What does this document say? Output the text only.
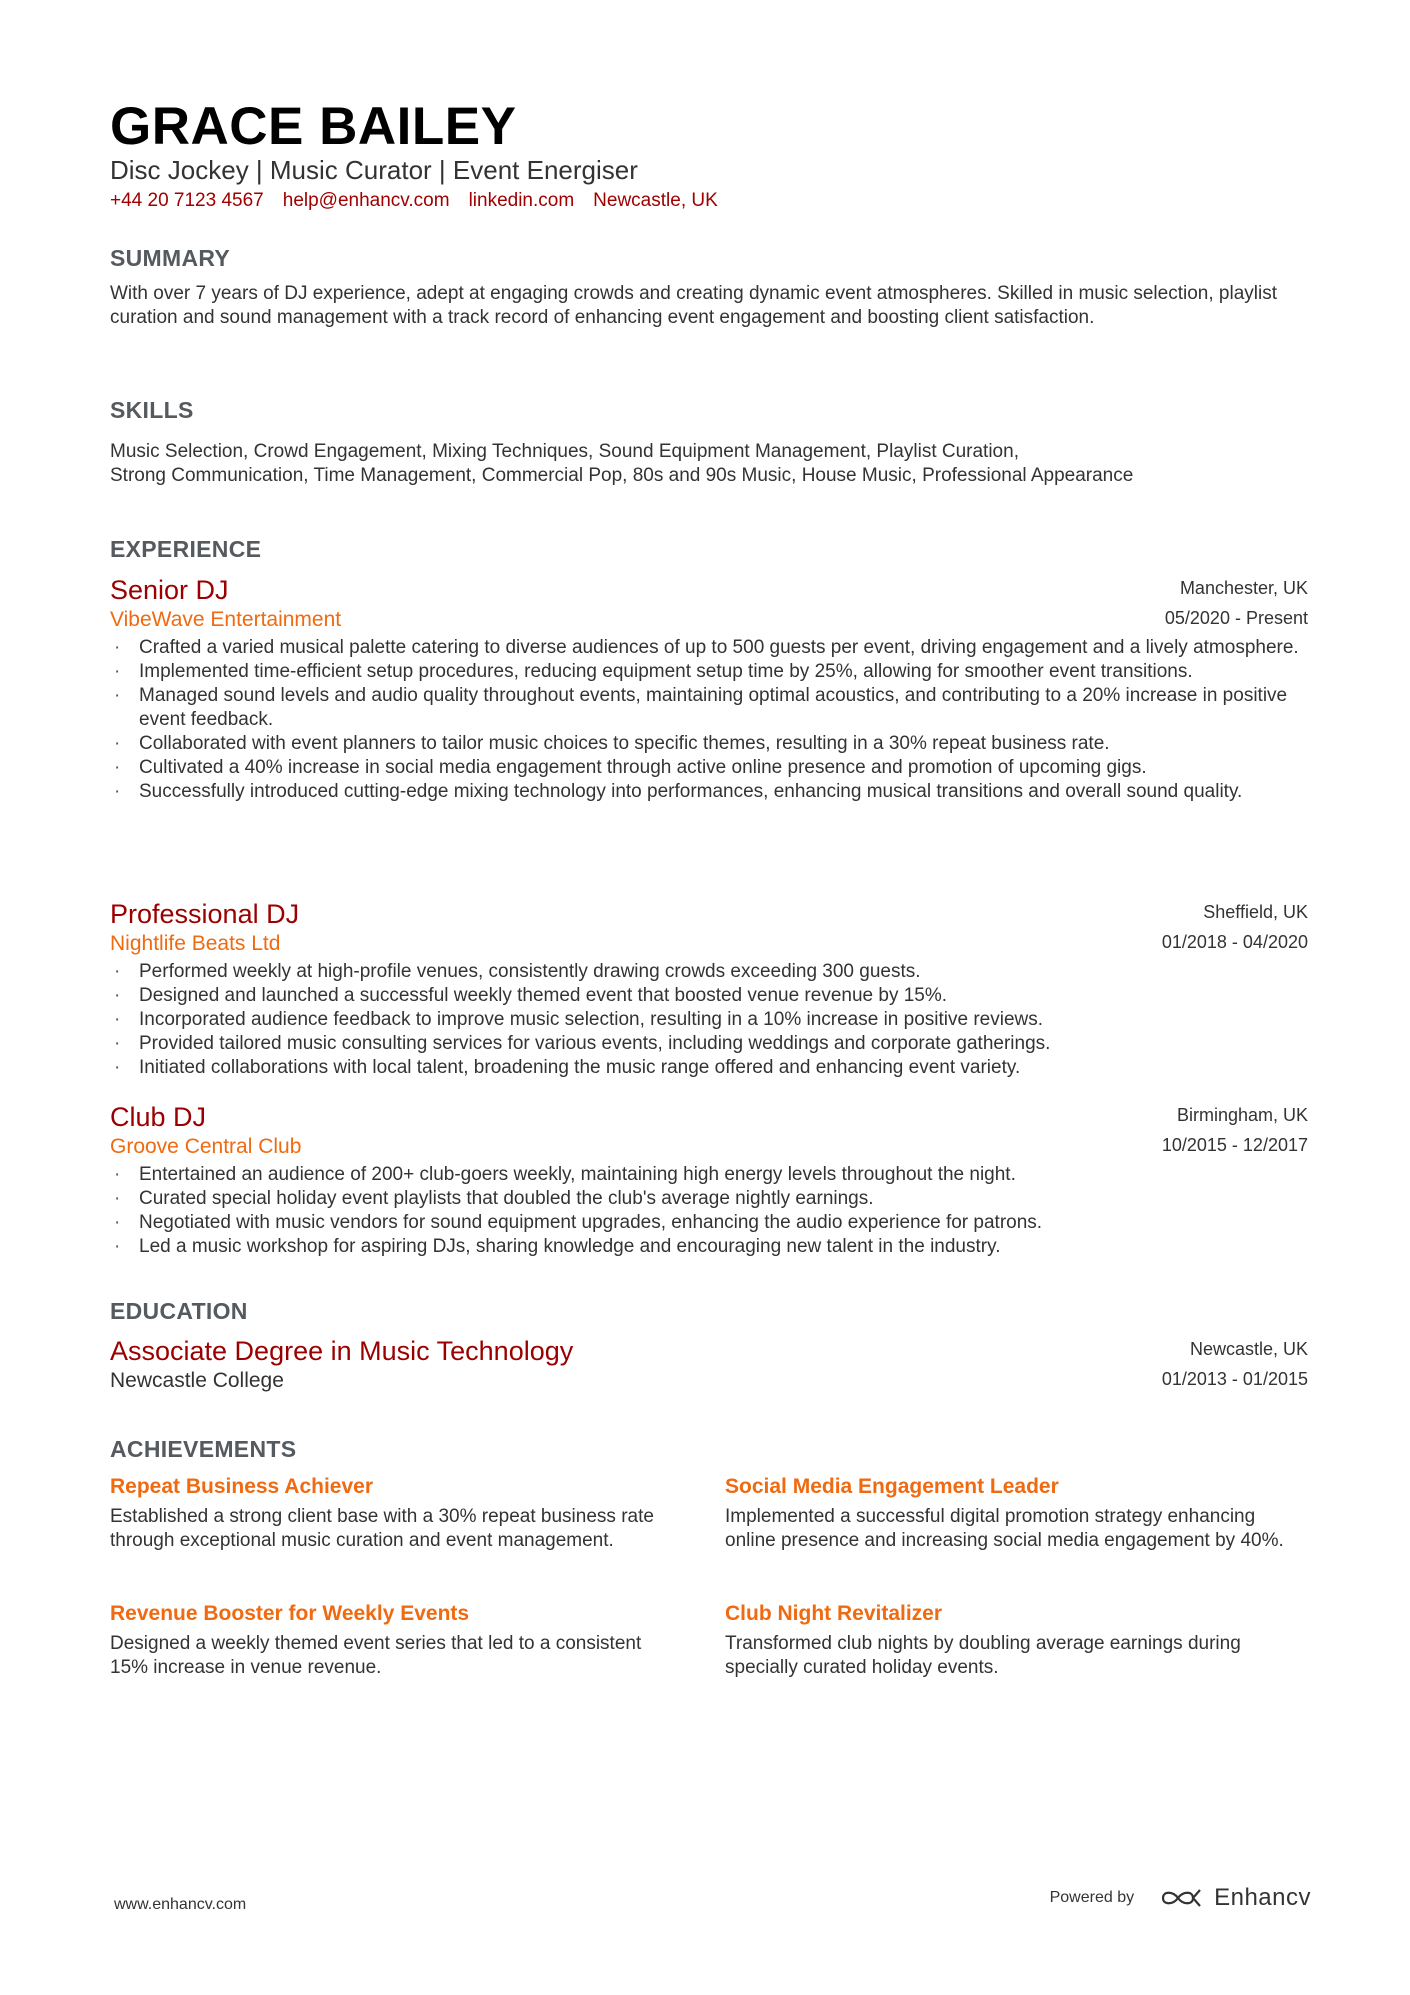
GRACE BAILEY
Disc Jockey | Music Curator | Event Energiser
+44 20 7123 4567 help@enhancv.com linkedin.com Newcastle, UK
SUMMARY
With over 7 years of DJ experience, adept at engaging crowds and creating dynamic event atmospheres. Skilled in music selection, playlist curation and sound management with a track record of enhancing event engagement and boosting client satisfaction.
SKILLS
Music Selection, Crowd Engagement, Mixing Techniques, Sound Equipment Management, Playlist Curation,
Strong Communication, Time Management, Commercial Pop, 80s and 90s Music, House Music, Professional Appearance
EXPERIENCE
Senior DJ
VibeWave Entertainment
Manchester, UK
05/2020 - Present
· Crafted a varied musical palette catering to diverse audiences of up to 500 guests per event, driving engagement and a lively atmosphere.
· Implemented time-efficient setup procedures, reducing equipment setup time by 25%, allowing for smoother event transitions.
· Managed sound levels and audio quality throughout events, maintaining optimal acoustics, and contributing to a 20% increase in positive event feedback.
· Collaborated with event planners to tailor music choices to specific themes, resulting in a 30% repeat business rate.
· Cultivated a 40% increase in social media engagement through active online presence and promotion of upcoming gigs.
· Successfully introduced cutting-edge mixing technology into performances, enhancing musical transitions and overall sound quality.
Professional DJ
Nightlife Beats Ltd
Sheffield, UK
01/2018 - 04/2020
· Performed weekly at high-profile venues, consistently drawing crowds exceeding 300 guests.
· Designed and launched a successful weekly themed event that boosted venue revenue by 15%.
· Incorporated audience feedback to improve music selection, resulting in a 10% increase in positive reviews.
· Provided tailored music consulting services for various events, including weddings and corporate gatherings.
· Initiated collaborations with local talent, broadening the music range offered and enhancing event variety.
Club DJ
Groove Central Club
Birmingham, UK
10/2015 - 12/2017
· Entertained an audience of 200+ club-goers weekly, maintaining high energy levels throughout the night.
· Curated special holiday event playlists that doubled the club's average nightly earnings.
· Negotiated with music vendors for sound equipment upgrades, enhancing the audio experience for patrons.
· Led a music workshop for aspiring DJs, sharing knowledge and encouraging new talent in the industry.
EDUCATION
Associate Degree in Music Technology
Newcastle College
Newcastle, UK
01/2013 - 01/2015
ACHIEVEMENTS
Repeat Business Achiever
Established a strong client base with a 30% repeat business rate through exceptional music curation and event management.
Social Media Engagement Leader
Implemented a successful digital promotion strategy enhancing online presence and increasing social media engagement by 40%.
Revenue Booster for Weekly Events
Designed a weekly themed event series that led to a consistent 15% increase in venue revenue.
Club Night Revitalizer
Transformed club nights by doubling average earnings during specially curated holiday events.
www.enhancv.com	Powered by	Enhancv
